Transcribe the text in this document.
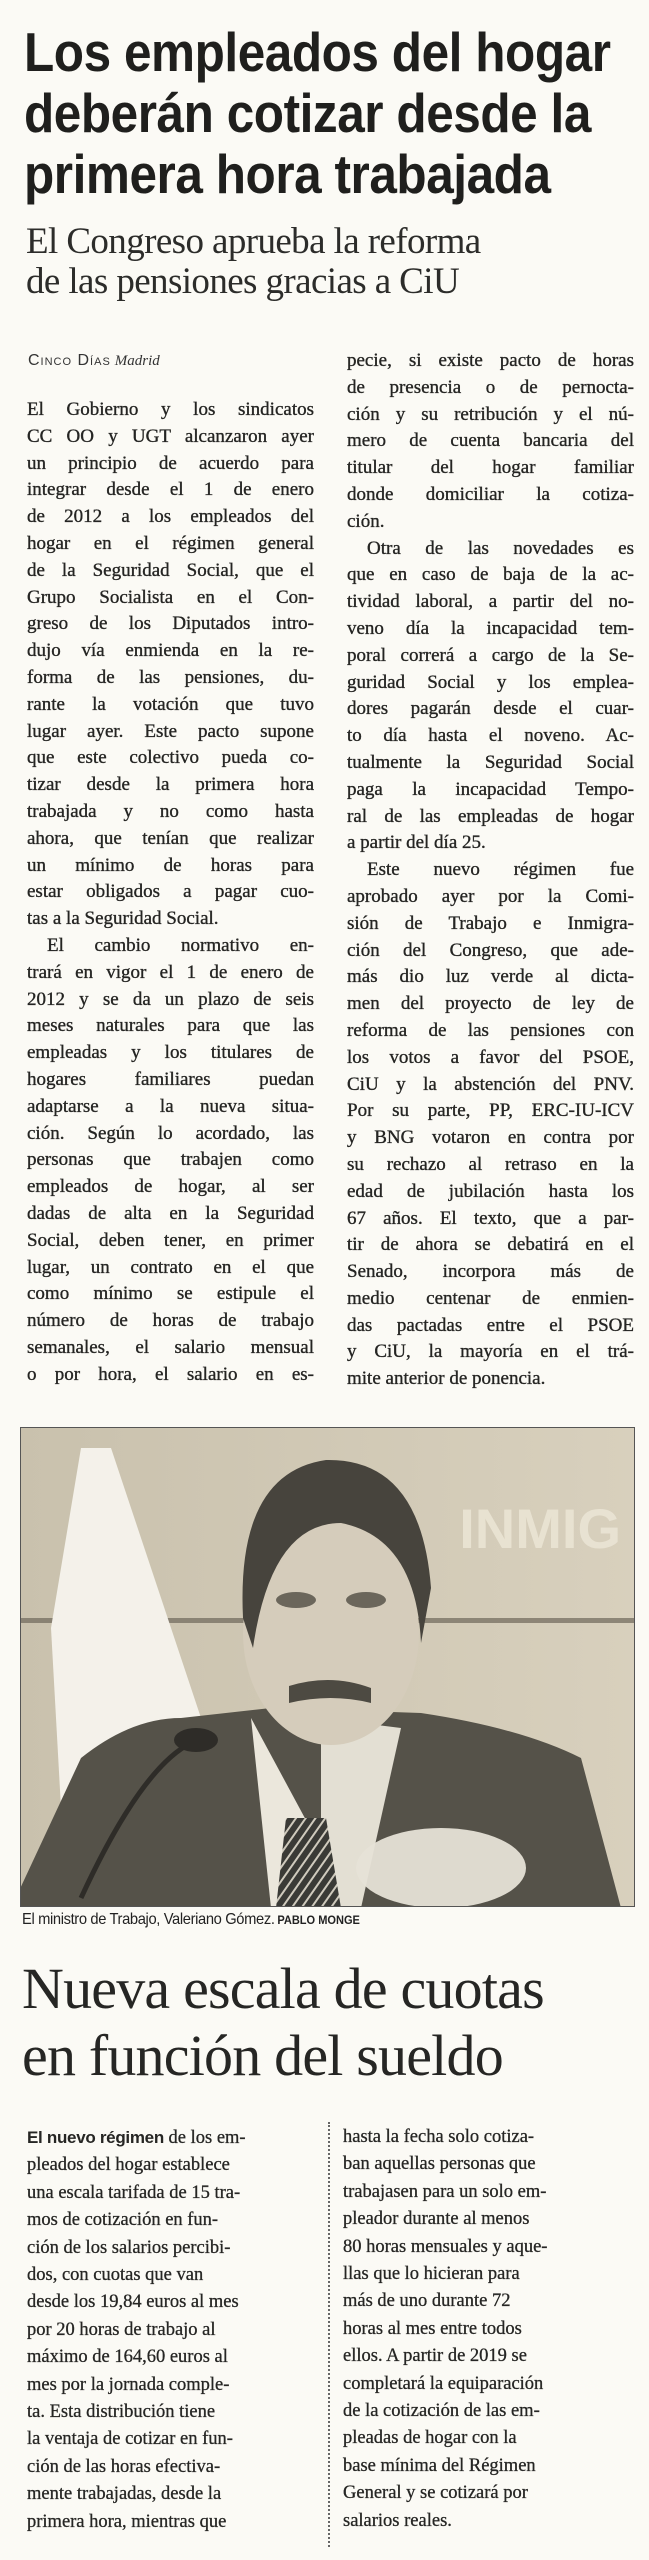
Los empleados del hogar
deberán cotizar desde la
primera hora trabajada
El Congreso aprueba la reforma
de las pensiones gracias a CiU
Cinco Días Madrid
El Gobierno y los sindicatos
CC OO y UGT alcanzaron ayer
un principio de acuerdo para
integrar desde el 1 de enero
de 2012 a los empleados del
hogar en el régimen general
de la Seguridad Social, que el
Grupo Socialista en el Con-
greso de los Diputados intro-
dujo vía enmienda en la re-
forma de las pensiones, du-
rante la votación que tuvo
lugar ayer. Este pacto supone
que este colectivo pueda co-
tizar desde la primera hora
trabajada y no como hasta
ahora, que tenían que realizar
un mínimo de horas para
estar obligados a pagar cuo-
tas a la Seguridad Social.
El cambio normativo en-
trará en vigor el 1 de enero de
2012 y se da un plazo de seis
meses naturales para que las
empleadas y los titulares de
hogares familiares puedan
adaptarse a la nueva situa-
ción. Según lo acordado, las
personas que trabajen como
empleados de hogar, al ser
dadas de alta en la Seguridad
Social, deben tener, en primer
lugar, un contrato en el que
como mínimo se estipule el
número de horas de trabajo
semanales, el salario mensual
o por hora, el salario en es-
pecie, si existe pacto de horas
de presencia o de pernocta-
ción y su retribución y el nú-
mero de cuenta bancaria del
titular del hogar familiar
donde domiciliar la cotiza-
ción.
Otra de las novedades es
que en caso de baja de la ac-
tividad laboral, a partir del no-
veno día la incapacidad tem-
poral correrá a cargo de la Se-
guridad Social y los emplea-
dores pagarán desde el cuar-
to día hasta el noveno. Ac-
tualmente la Seguridad Social
paga la incapacidad Tempo-
ral de las empleadas de hogar
a partir del día 25.
Este nuevo régimen fue
aprobado ayer por la Comi-
sión de Trabajo e Inmigra-
ción del Congreso, que ade-
más dio luz verde al dicta-
men del proyecto de ley de
reforma de las pensiones con
los votos a favor del PSOE,
CiU y la abstención del PNV.
Por su parte, PP, ERC-IU-ICV
y BNG votaron en contra por
su rechazo al retraso en la
edad de jubilación hasta los
67 años. El texto, que a par-
tir de ahora se debatirá en el
Senado, incorpora más de
medio centenar de enmien-
das pactadas entre el PSOE
y CiU, la mayoría en el trá-
mite anterior de ponencia.
INMIG
El ministro de Trabajo, Valeriano Gómez. PABLO MONGE
Nueva escala de cuotas
en función del sueldo
El nuevo régimen de los em-
pleados del hogar establece
una escala tarifada de 15 tra-
mos de cotización en fun-
ción de los salarios percibi-
dos, con cuotas que van
desde los 19,84 euros al mes
por 20 horas de trabajo al
máximo de 164,60 euros al
mes por la jornada comple-
ta. Esta distribución tiene
la ventaja de cotizar en fun-
ción de las horas efectiva-
mente trabajadas, desde la
primera hora, mientras que
hasta la fecha solo cotiza-
ban aquellas personas que
trabajasen para un solo em-
pleador durante al menos
80 horas mensuales y aque-
llas que lo hicieran para
más de uno durante 72
horas al mes entre todos
ellos. A partir de 2019 se
completará la equiparación
de la cotización de las em-
pleadas de hogar con la
base mínima del Régimen
General y se cotizará por
salarios reales.
